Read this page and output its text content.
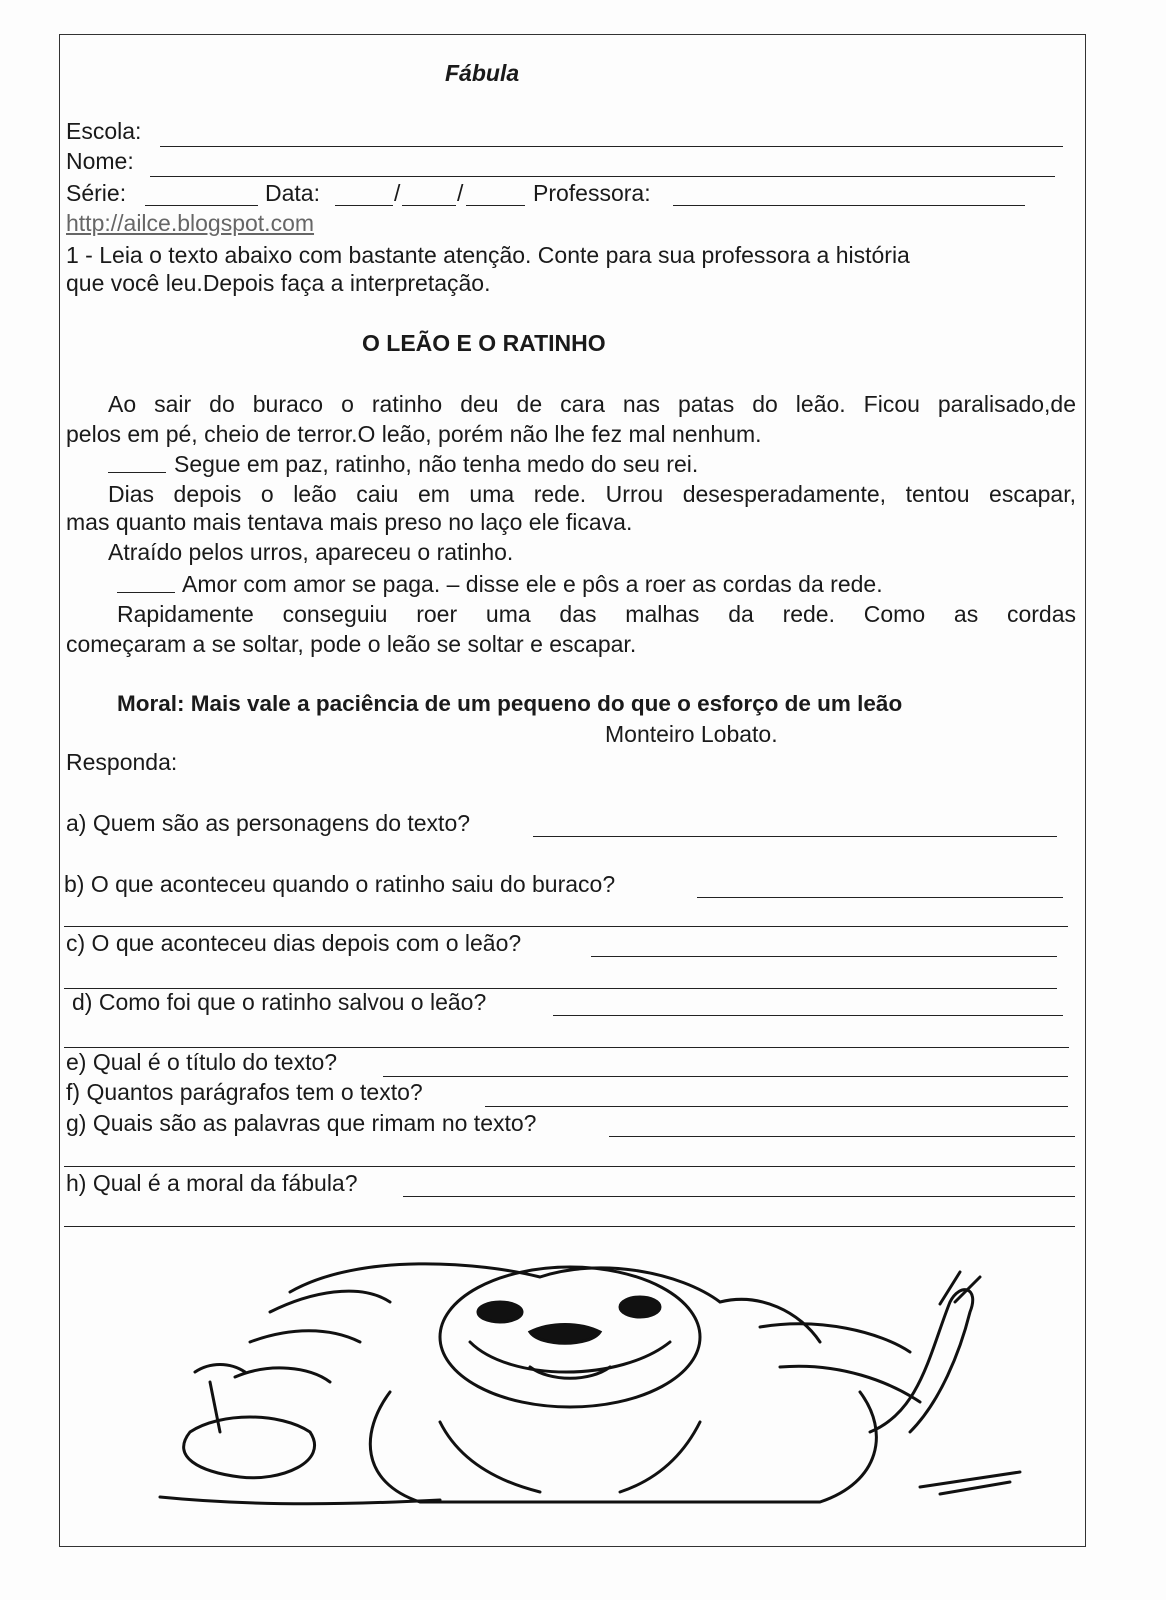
Fábula
Escola:
Nome:
Série:	Data:	/ /	Professora:
http://ailce.blogspot.com
1 - Leia o texto abaixo com bastante atenção. Conte para sua professora a história
que você leu.Depois faça a interpretação.
O LEÃO E O RATINHO
Ao sair do buraco o ratinho deu de cara nas patas do leão. Ficou paralisado,de
pelos em pé, cheio de terror.O leão, porém não lhe fez mal nenhum.
Segue em paz, ratinho, não tenha medo do seu rei.
Dias depois o leão caiu em uma rede. Urrou desesperadamente, tentou escapar,
mas quanto mais tentava mais preso no laço ele ficava.
Atraído pelos urros, apareceu o ratinho.
Amor com amor se paga. – disse ele e pôs a roer as cordas da rede.
Rapidamente conseguiu roer uma das malhas da rede. Como as cordas
começaram a se soltar, pode o leão se soltar e escapar.
Moral: Mais vale a paciência de um pequeno do que o esforço de um leão
Monteiro Lobato.
Responda:
a) Quem são as personagens do texto?
b) O que aconteceu quando o ratinho saiu do buraco?
c) O que aconteceu dias depois com o leão?
d) Como foi que o ratinho salvou o leão?
e) Qual é o título do texto?
f) Quantos parágrafos tem o texto?
g) Quais são as palavras que rimam no texto?
h) Qual é a moral da fábula?
